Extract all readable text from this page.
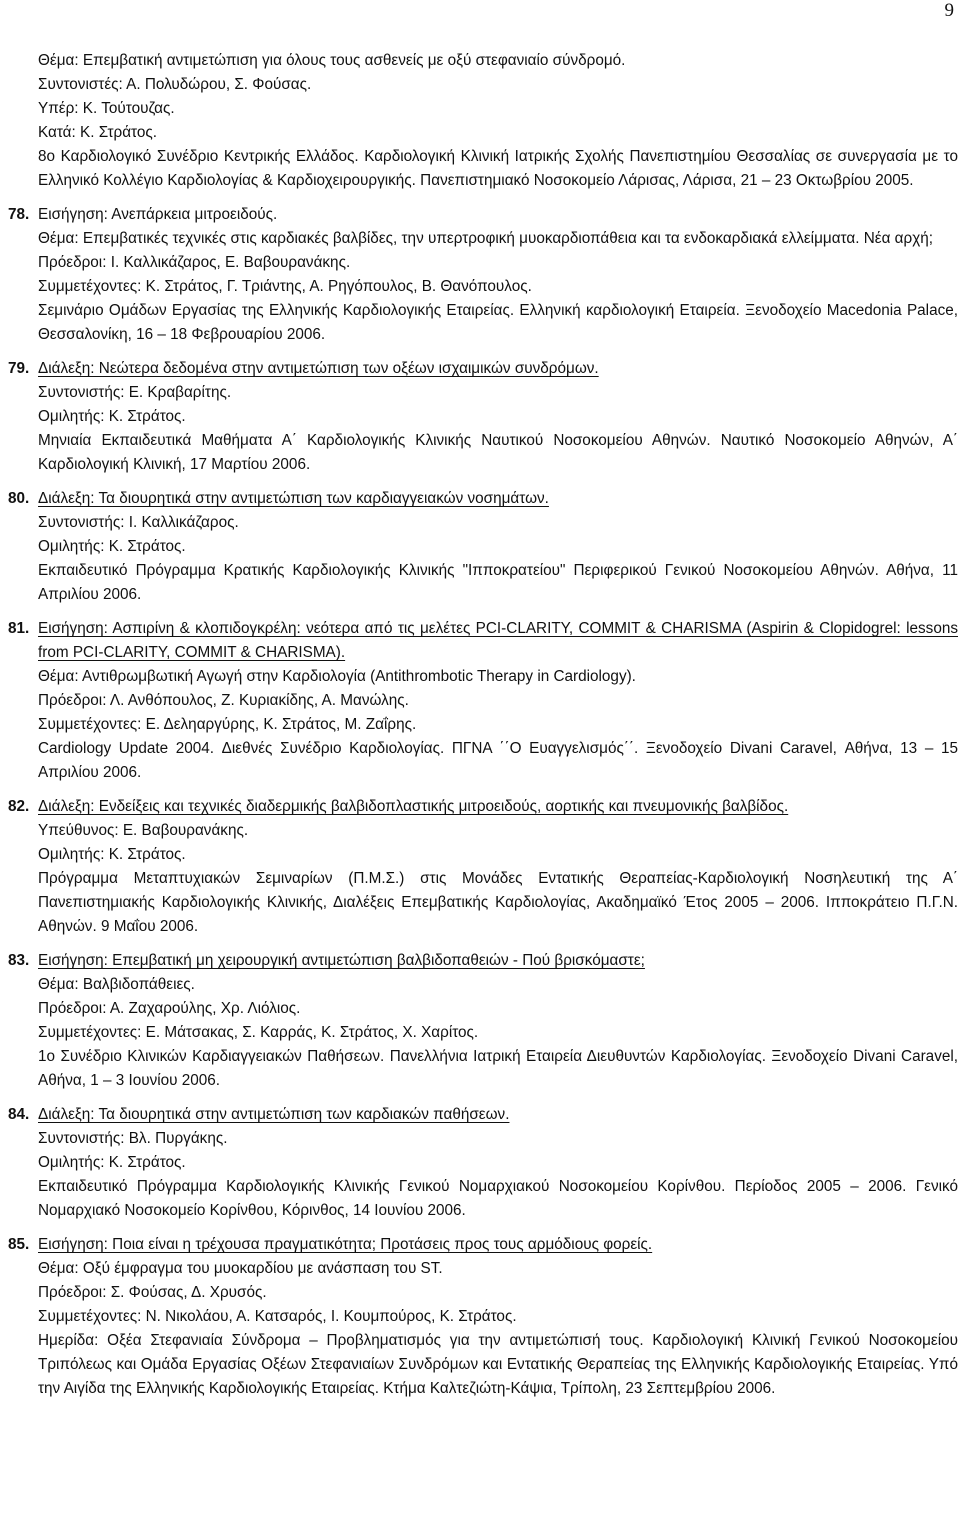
9
Θέμα: Επεμβατική αντιμετώπιση για όλους τους ασθενείς με οξύ στεφανιαίο σύνδρομό.
Συντονιστές: Α. Πολυδώρου, Σ. Φούσας.
Υπέρ: Κ. Τούτουζας.
Κατά: Κ. Στράτος.
8ο Καρδιολογικό Συνέδριο Κεντρικής Ελλάδος. Καρδιολογική Κλινική Ιατρικής Σχολής Πανεπιστημίου Θεσσαλίας σε συνεργασία με το Ελληνικό Κολλέγιο Καρδιολογίας & Καρδιοχειρουργικής. Πανεπιστημιακό Νοσοκομείο Λάρισας, Λάρισα, 21 – 23 Οκτωβρίου 2005.
78. Εισήγηση: Ανεπάρκεια μιτροειδούς.
Θέμα: Επεμβατικές τεχνικές στις καρδιακές βαλβίδες, την υπερτροφική μυοκαρδιοπάθεια και τα ενδοκαρδιακά ελλείμματα. Νέα αρχή;
Πρόεδροι: Ι. Καλλικάζαρος, Ε. Βαβουρανάκης.
Συμμετέχοντες: Κ. Στράτος, Γ. Τριάντης, Α. Ρηγόπουλος, Β. Θανόπουλος.
Σεμινάριο Ομάδων Εργασίας της Ελληνικής Καρδιολογικής Εταιρείας. Ελληνική καρδιολογική Εταιρεία. Ξενοδοχείο Macedonia Palace, Θεσσαλονίκη, 16 – 18 Φεβρουαρίου 2006.
79. Διάλεξη: Νεώτερα δεδομένα στην αντιμετώπιση των οξέων ισχαιμικών συνδρόμων.
Συντονιστής: Ε. Κραβαρίτης.
Ομιλητής: Κ. Στράτος.
Μηνιαία Εκπαιδευτικά Μαθήματα Α΄ Καρδιολογικής Κλινικής Ναυτικού Νοσοκομείου Αθηνών. Ναυτικό Νοσοκομείο Αθηνών, Α΄ Καρδιολογική Κλινική, 17 Μαρτίου 2006.
80. Διάλεξη: Τα διουρητικά στην αντιμετώπιση των καρδιαγγειακών νοσημάτων.
Συντονιστής: Ι. Καλλικάζαρος.
Ομιλητής: Κ. Στράτος.
Εκπαιδευτικό Πρόγραμμα Κρατικής Καρδιολογικής Κλινικής "Ιπποκρατείου" Περιφερικού Γενικού Νοσοκομείου Αθηνών. Αθήνα, 11 Απριλίου 2006.
81. Εισήγηση: Ασπιρίνη & κλοπιδογκρέλη: νεότερα από τις μελέτες PCI-CLARITY, COMMIT & CHARISMA (Aspirin & Clopidogrel: lessons from PCI-CLARITY, COMMIT & CHARISMA).
Θέμα: Αντιθρωμβωτική Αγωγή στην Καρδιολογία (Antithrombotic Therapy in Cardiology).
Πρόεδροι: Λ. Ανθόπουλος, Ζ. Κυριακίδης, Α. Μανώλης.
Συμμετέχοντες: Ε. Δεληαργύρης, Κ. Στράτος, Μ. Ζαΐρης.
Cardiology Update 2004. Διεθνές Συνέδριο Καρδιολογίας. ΠΓΝΑ ΄΄Ο Ευαγγελισμός΄΄. Ξενοδοχείο Divani Caravel, Αθήνα, 13 – 15 Απριλίου 2006.
82. Διάλεξη: Ενδείξεις και τεχνικές διαδερμικής βαλβιδοπλαστικής μιτροειδούς, αορτικής και πνευμονικής βαλβίδος.
Υπεύθυνος: Ε. Βαβουρανάκης.
Ομιλητής: Κ. Στράτος.
Πρόγραμμα Μεταπτυχιακών Σεμιναρίων (Π.Μ.Σ.) στις Μονάδες Εντατικής Θεραπείας-Καρδιολογική Νοσηλευτική της Α΄ Πανεπιστημιακής Καρδιολογικής Κλινικής, Διαλέξεις Επεμβατικής Καρδιολογίας, Ακαδημαϊκό Έτος 2005 – 2006. Ιπποκράτειο Π.Γ.Ν. Αθηνών. 9 Μαΐου 2006.
83. Εισήγηση: Επεμβατική μη χειρουργική αντιμετώπιση βαλβιδοπαθειών - Πού βρισκόμαστε;
Θέμα: Βαλβιδοπάθειες.
Πρόεδροι: Α. Ζαχαρούλης, Χρ. Λιόλιος.
Συμμετέχοντες: Ε. Μάτσακας, Σ. Καρράς, Κ. Στράτος, Χ. Χαρίτος.
1ο Συνέδριο Κλινικών Καρδιαγγειακών Παθήσεων. Πανελλήνια Ιατρική Εταιρεία Διευθυντών Καρδιολογίας. Ξενοδοχείο Divani Caravel, Αθήνα, 1 – 3 Ιουνίου 2006.
84. Διάλεξη: Τα διουρητικά στην αντιμετώπιση των καρδιακών παθήσεων.
Συντονιστής: Βλ. Πυργάκης.
Ομιλητής: Κ. Στράτος.
Εκπαιδευτικό Πρόγραμμα Καρδιολογικής Κλινικής Γενικού Νομαρχιακού Νοσοκομείου Κορίνθου. Περίοδος 2005 – 2006. Γενικό Νομαρχιακό Νοσοκομείο Κορίνθου, Κόρινθος, 14 Ιουνίου 2006.
85. Εισήγηση: Ποια είναι η τρέχουσα πραγματικότητα; Προτάσεις προς τους αρμόδιους φορείς.
Θέμα: Οξύ έμφραγμα του μυοκαρδίου με ανάσπαση του ST.
Πρόεδροι: Σ. Φούσας, Δ. Χρυσός.
Συμμετέχοντες: Ν. Νικολάου, Α. Κατσαρός, Ι. Κουμπούρος, Κ. Στράτος.
Ημερίδα: Οξέα Στεφανιαία Σύνδρομα – Προβληματισμός για την αντιμετώπισή τους. Καρδιολογική Κλινική Γενικού Νοσοκομείου Τριπόλεως και Ομάδα Εργασίας Οξέων Στεφανιαίων Συνδρόμων και Εντατικής Θεραπείας της Ελληνικής Καρδιολογικής Εταιρείας. Υπό την Αιγίδα της Ελληνικής Καρδιολογικής Εταιρείας. Κτήμα Καλτεζιώτη-Κάψια, Τρίπολη, 23 Σεπτεμβρίου 2006.
